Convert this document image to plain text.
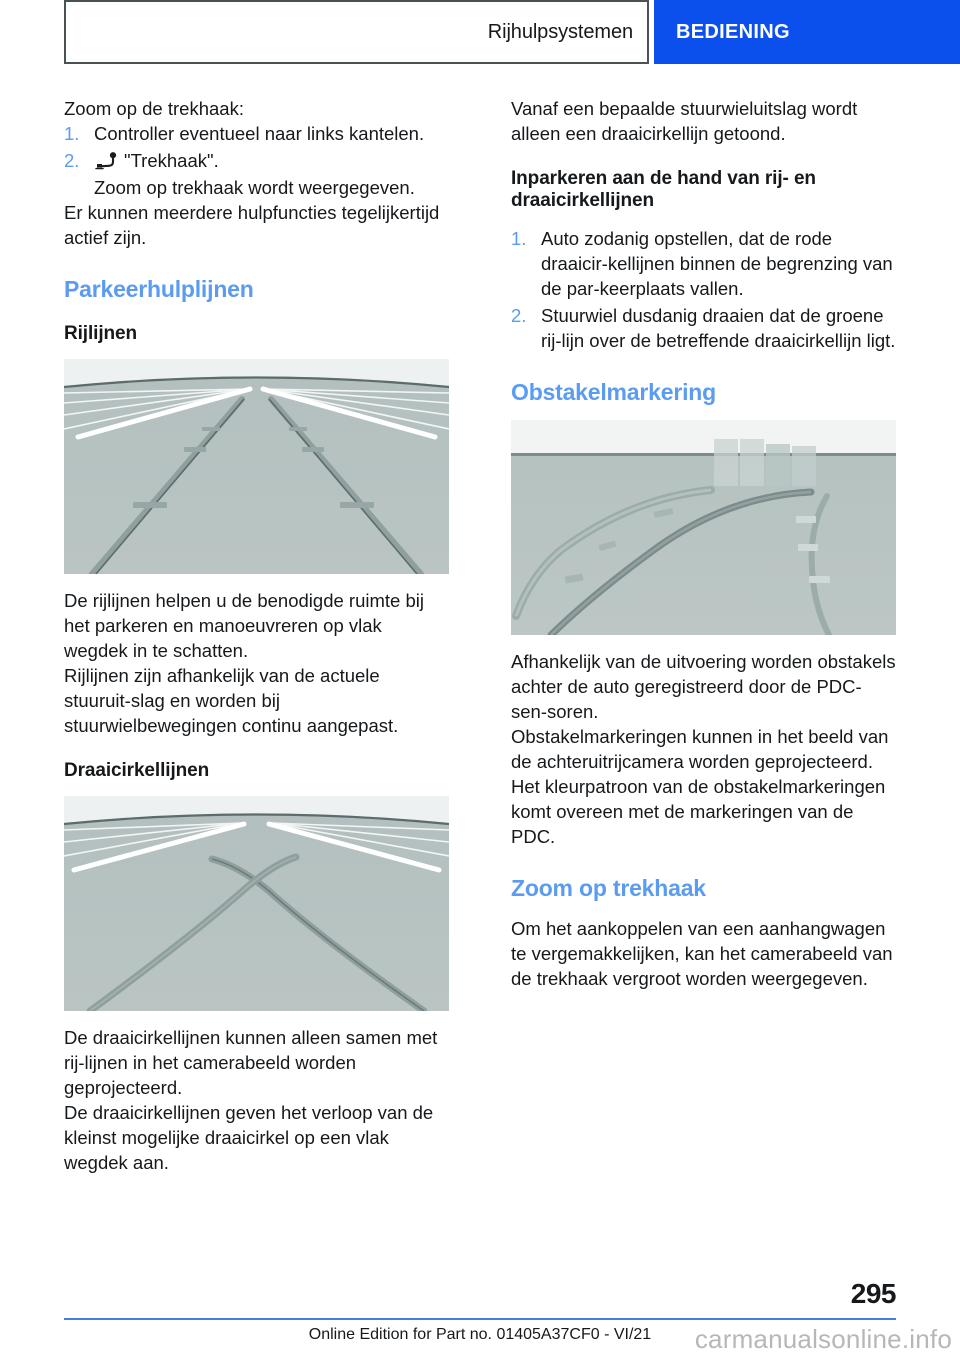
Rijhulpsystemen BEDIENING

Zoom op de trekhaak:

1. Controller eventueel naar links kantelen.
2.	"Trekhaak".

Zoom op trekhaak wordt weergegeven.

Er kunnen meerdere hulpfuncties tegelijkertijd actief zijn.

Parkeerhulplijnen
Rijlijnen

De rijlijnen helpen u de benodigde ruimte bij het parkeren en manoeuvreren op vlak wegdek in te schatten.

Rijlijnen zijn afhankelijk van de actuele stuuruit-slag en worden bij stuurwielbewegingen continu aangepast.

Draaicirkellijnen

De draaicirkellijnen kunnen alleen samen met rij-lijnen in het camerabeeld worden geprojecteerd.

De draaicirkellijnen geven het verloop van de kleinst mogelijke draaicirkel op een vlak wegdek aan.

Vanaf een bepaalde stuurwieluitslag wordt alleen een draaicirkellijn getoond.

Inparkeren aan de hand van rij- en draaicirkellijnen
1. Auto zodanig opstellen, dat de rode draaicir-kellijnen binnen de begrenzing van de par-keerplaats vallen.
2. Stuurwiel dusdanig draaien dat de groene rij-lijn over de betreffende draaicirkellijn ligt.
Obstakelmarkering

Afhankelijk van de uitvoering worden obstakels achter de auto geregistreerd door de PDC-sen-soren.

Obstakelmarkeringen kunnen in het beeld van de achteruitrijcamera worden geprojecteerd.

Het kleurpatroon van de obstakelmarkeringen komt overeen met de markeringen van de PDC.

Zoom op trekhaak

Om het aankoppelen van een aanhangwagen te vergemakkelijken, kan het camerabeeld van de trekhaak vergroot worden weergegeven.

295
Online Edition for Part no. 01405A37CF0 - VI/21	carmanualsonline.info
